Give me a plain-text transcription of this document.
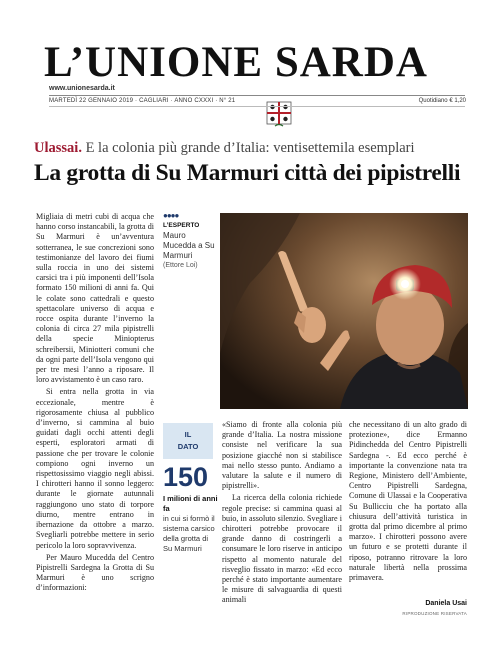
L’UNIONE SARDA
www.unionesarda.it
MARTEDÌ 22 GENNAIO 2019 · CAGLIARI · ANNO CXXXI · N° 21	Quotidiano € 1,20
Ulassai. E la colonia più grande d’Italia: ventisettemila esemplari
La grotta di Su Marmuri città dei pipistrelli

Migliaia di metri cubi di acqua che hanno corso instancabili, la grotta di Su Marmuri è un’avventura sotterranea, le sue concrezioni sono testimonianze del lavoro dei fiumi sulla roccia in uno dei sistemi carsici tra i più imponenti dell’Isola formato 150 milioni di anni fa. Qui le colate sono cattedrali e questo spettacolare universo di acqua e rocce ospita durante l’inverno la colonia di circa 27 mila pipistrelli della specie Miniopterus schreibersii, Miniotteri comuni che da ogni parte dell’Isola vengono qui per tre mesi l’anno a riposare. Il loro avvistamento è un caso raro.

Si entra nella grotta in via eccezionale, mentre è rigorosamente chiusa al pubblico d’inverno, si cammina al buio guidati dagli occhi attenti degli esperti, esploratori armati di passione che per trovare le colonie compiono ogni inverno un rispettosissimo viaggio negli abissi. I chirotteri hanno il sonno leggero: durante le giornate autunnali raggiungono uno stato di torpore diurno, mentre entrano in ibernazione da ottobre a marzo. Svegliarli potrebbe mettere in serio pericolo la loro sopravvivenza.

Per Mauro Mucedda del Centro Pipistrelli Sardegna la Grotta di Su Marmuri è uno scrigno d’informazioni:

●●●●
L’ESPERTO
Mauro Mucedda a Su Marmuri
(Ettore Loi)
IL
DATO
150
I milioni di anni fa
in cui si formò il sistema carsico della grotta di Su Marmuri

«Siamo di fronte alla colonia più grande d’Italia. La nostra missione consiste nel verificare la sua posizione giacché non si stabilisce mai nello stesso punto. Andiamo a valutare la salute e il numero di pipistrelli».

La ricerca della colonia richiede regole precise: si cammina quasi al buio, in assoluto silenzio. Svegliare i chirotteri potrebbe provocare il grande danno di costringerli a consumare le loro riserve in anticipo rispetto al momento naturale del risveglio fissato in marzo: «Ed ecco perché è stato importante aumentare le misure di salvaguardia di questi animali

che necessitano di un alto grado di protezione», dice Ermanno Pidinchedda del Centro Pipistrelli Sardegna -. Ed ecco perché è importante la convenzione nata tra Regione, Ministero dell’Ambiente, Centro Pipistrelli Sardegna, Comune di Ulassai e la Cooperativa Su Bullicciu che ha portato alla chiusura dell’attività turistica in grotta dal primo dicembre al primo marzo». I chirotteri possono avere un futuro e se protetti durante il riposo, potranno ritrovare la loro naturale libertà nella prossima primavera.

Daniela Usai
RIPRODUZIONE RISERVATA
